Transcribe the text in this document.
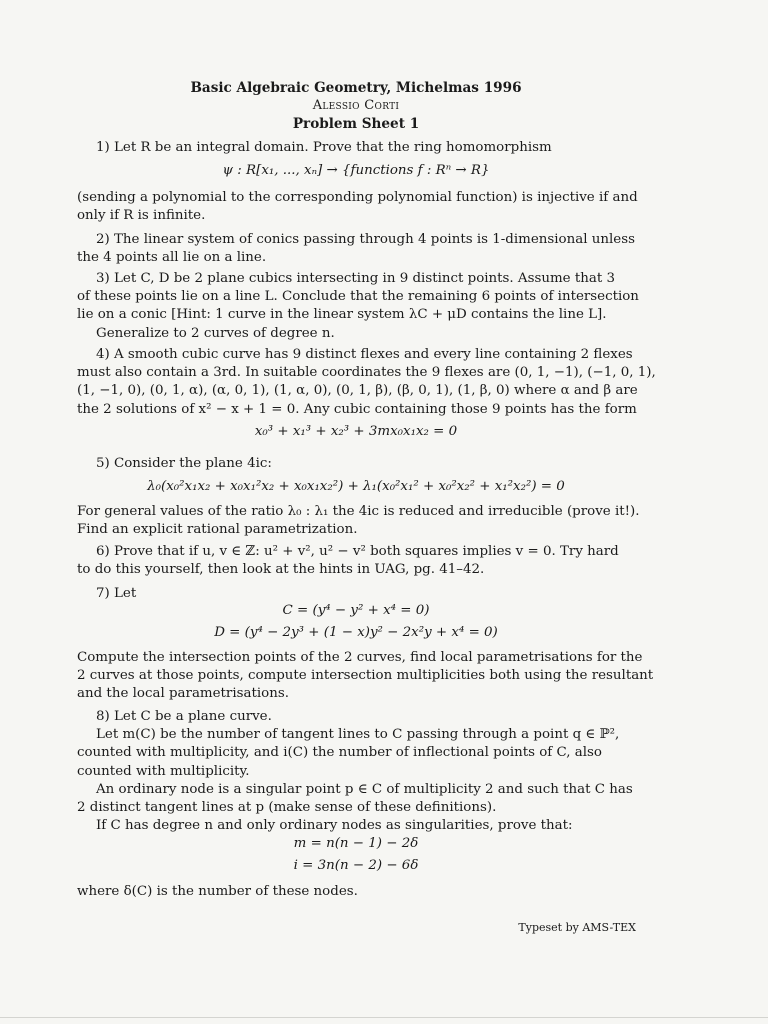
Basic Algebraic Geometry, Michelmas 1996
Alessio Corti
Problem Sheet 1
1) Let R be an integral domain. Prove that the ring homomorphism
ψ : R[x₁, ..., xₙ] → {functions f : Rⁿ → R}
(sending a polynomial to the corresponding polynomial function) is injective if and
only if R is infinite.
2) The linear system of conics passing through 4 points is 1-dimensional unless
the 4 points all lie on a line.
3) Let C, D be 2 plane cubics intersecting in 9 distinct points. Assume that 3
of these points lie on a line L. Conclude that the remaining 6 points of intersection
lie on a conic [Hint: 1 curve in the linear system λC + μD contains the line L].
Generalize to 2 curves of degree n.
4) A smooth cubic curve has 9 distinct flexes and every line containing 2 flexes
must also contain a 3rd. In suitable coordinates the 9 flexes are (0, 1, −1), (−1, 0, 1),
(1, −1, 0), (0, 1, α), (α, 0, 1), (1, α, 0), (0, 1, β), (β, 0, 1), (1, β, 0) where α and β are
the 2 solutions of x² − x + 1 = 0. Any cubic containing those 9 points has the form
x₀³ + x₁³ + x₂³ + 3mx₀x₁x₂ = 0
5) Consider the plane 4ic:
λ₀(x₀²x₁x₂ + x₀x₁²x₂ + x₀x₁x₂²) + λ₁(x₀²x₁² + x₀²x₂² + x₁²x₂²) = 0
For general values of the ratio λ₀ : λ₁ the 4ic is reduced and irreducible (prove it!).
Find an explicit rational parametrization.
6) Prove that if u, v ∈ ℤ: u² + v², u² − v² both squares implies v = 0. Try hard
to do this yourself, then look at the hints in UAG, pg. 41–42.
7) Let
C = (y⁴ − y² + x⁴ = 0)
D = (y⁴ − 2y³ + (1 − x)y² − 2x²y + x⁴ = 0)
Compute the intersection points of the 2 curves, find local parametrisations for the
2 curves at those points, compute intersection multiplicities both using the resultant
and the local parametrisations.
8) Let C be a plane curve.
Let m(C) be the number of tangent lines to C passing through a point q ∈ ℙ²,
counted with multiplicity, and i(C) the number of inflectional points of C, also
counted with multiplicity.
An ordinary node is a singular point p ∈ C of multiplicity 2 and such that C has
2 distinct tangent lines at p (make sense of these definitions).
If C has degree n and only ordinary nodes as singularities, prove that:
m = n(n − 1) − 2δ
i = 3n(n − 2) − 6δ
where δ(C) is the number of these nodes.
Typeset by AMS-TEX
